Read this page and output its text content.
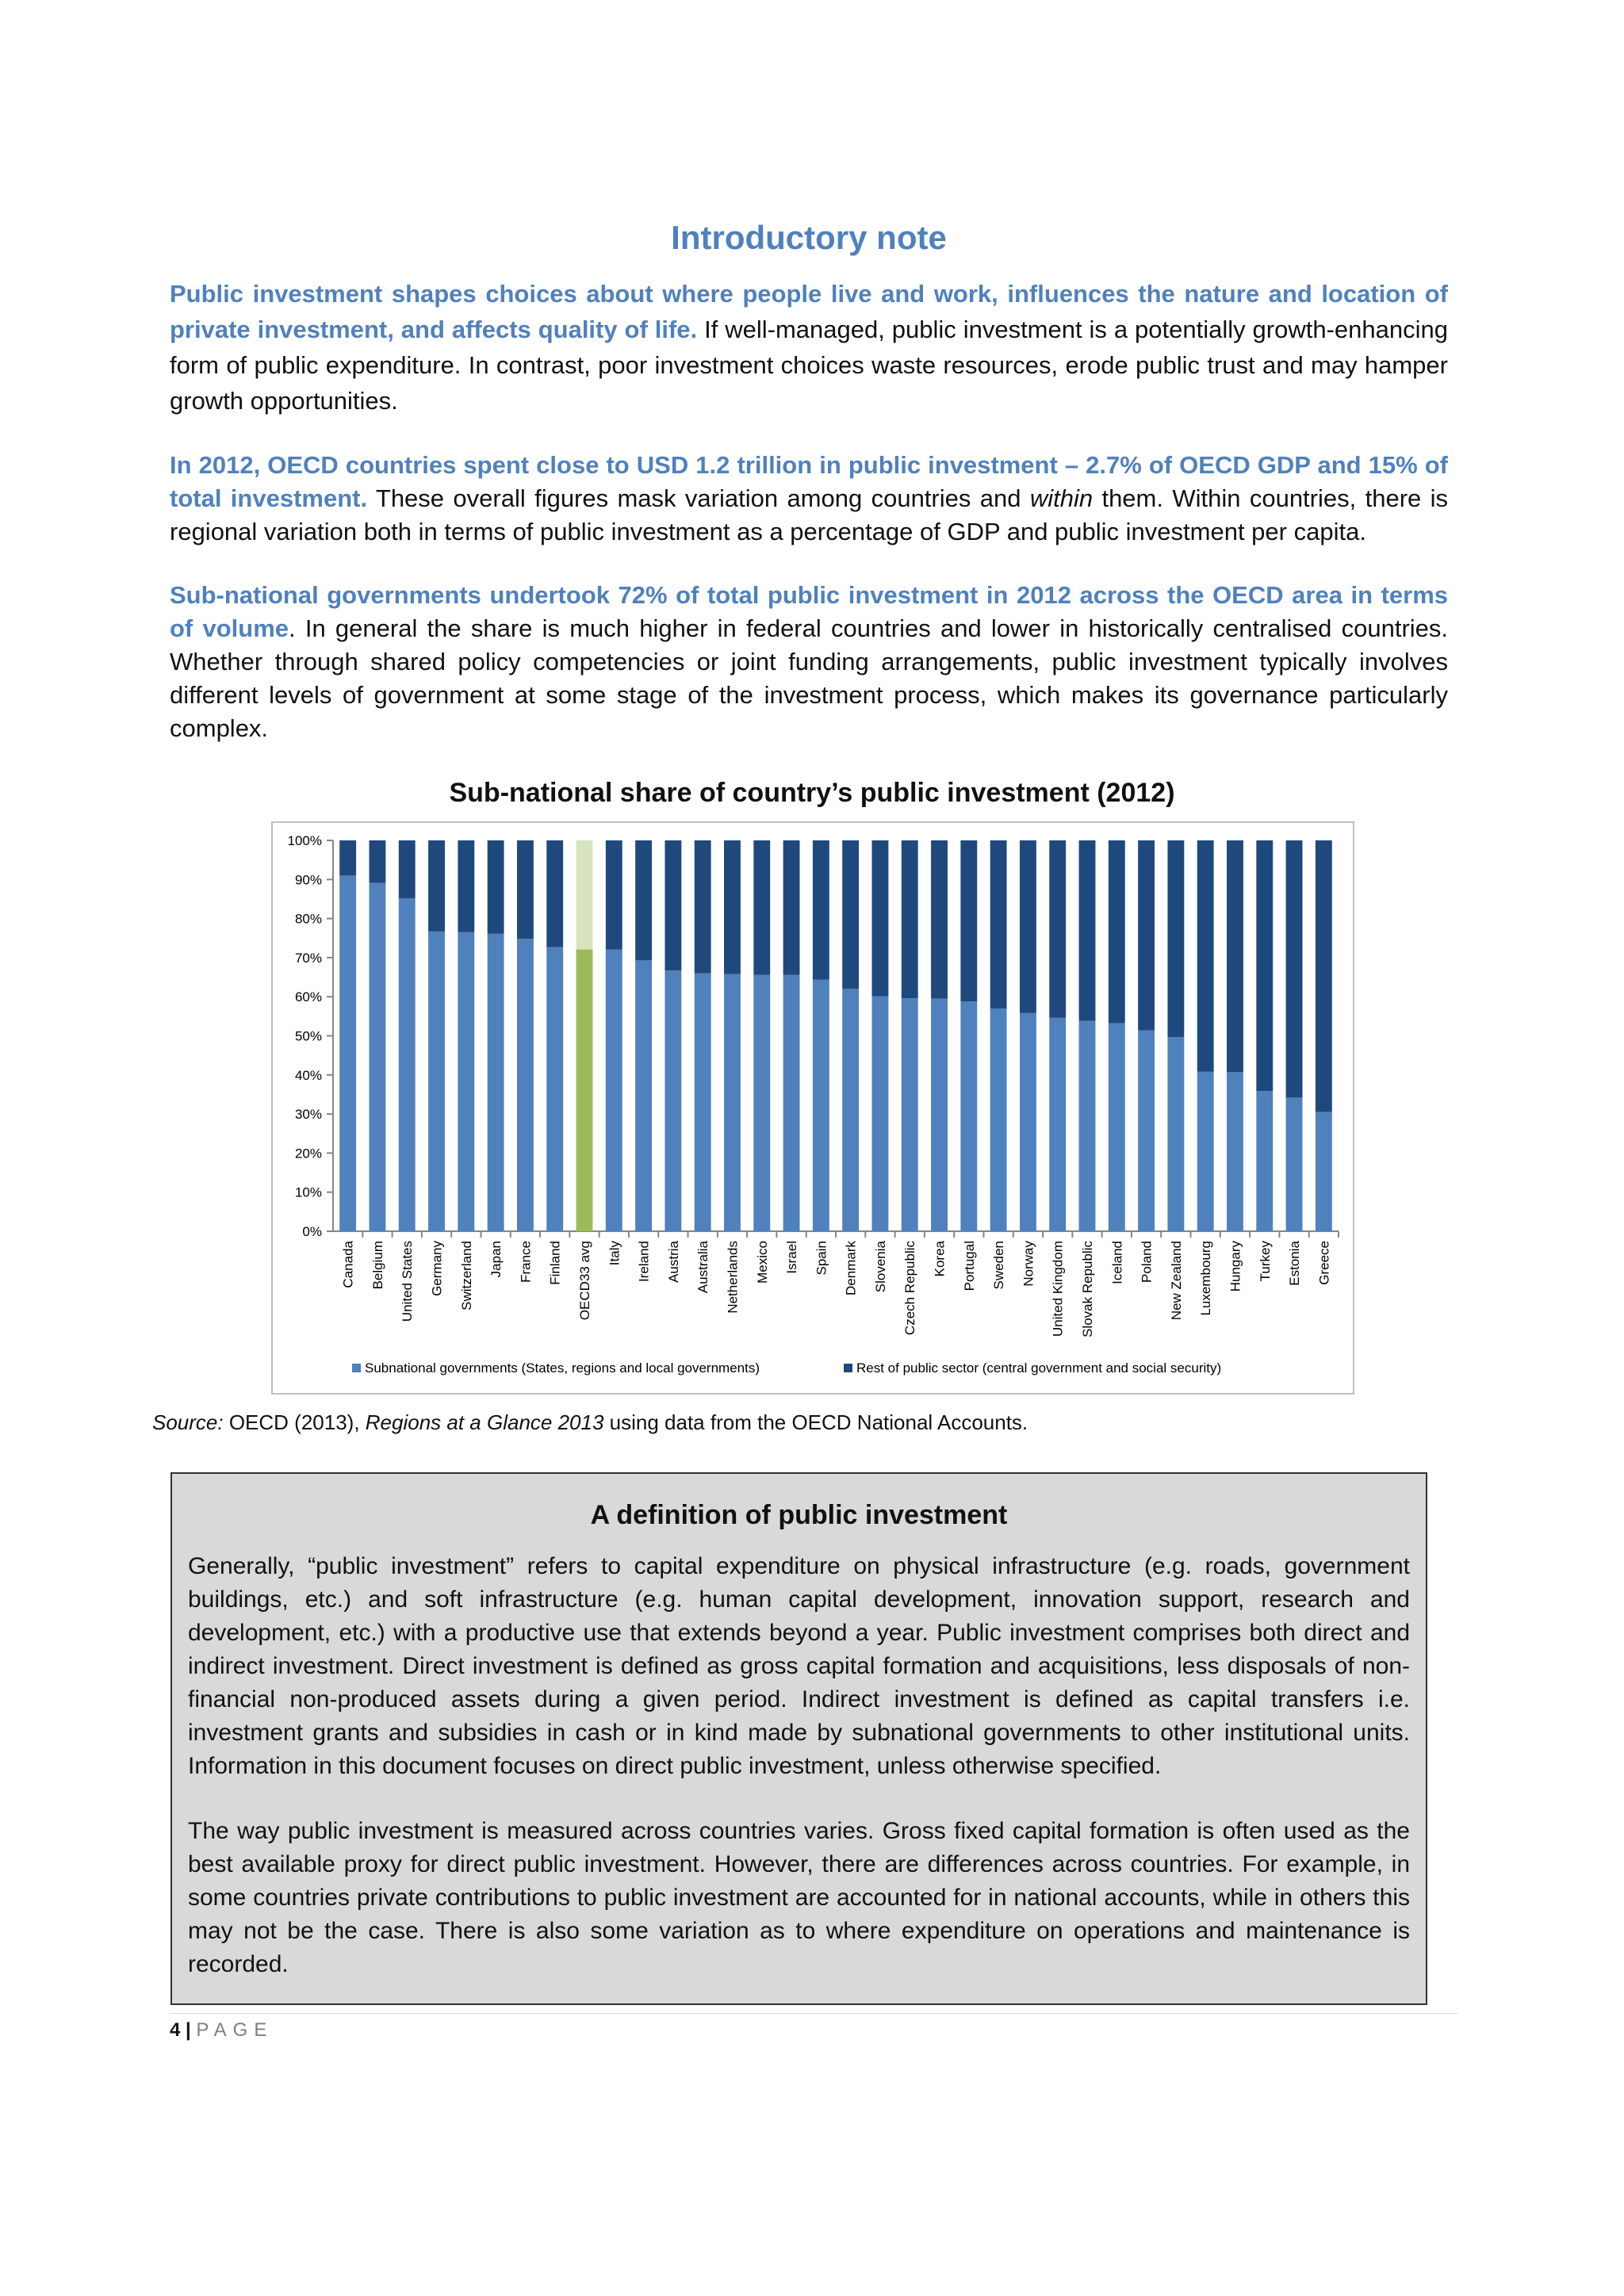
Introductory note
Public investment shapes choices about where people live and work, influences the nature and location of private investment, and affects quality of life. If well-managed, public investment is a potentially growth-enhancing form of public expenditure. In contrast, poor investment choices waste resources, erode public trust and may hamper growth opportunities.
In 2012, OECD countries spent close to USD 1.2 trillion in public investment – 2.7% of OECD GDP and 15% of total investment. These overall figures mask variation among countries and within them. Within countries, there is regional variation both in terms of public investment as a percentage of GDP and public investment per capita.
Sub-national governments undertook 72% of total public investment in 2012 across the OECD area in terms of volume. In general the share is much higher in federal countries and lower in historically centralised countries. Whether through shared policy competencies or joint funding arrangements, public investment typically involves different levels of government at some stage of the investment process, which makes its governance particularly complex.
Sub-national share of country’s public investment (2012)
0%
10%
20%
30%
40%
50%
60%
70%
80%
90%
100%
Canada Belgium United States Germany Switzerland Japan France Finland OECD33 avg Italy Ireland Austria Australia Netherlands Mexico Israel Spain Denmark Slovenia Czech Republic Korea Portugal Sweden Norway United Kingdom Slovak Republic Iceland Poland New Zealand Luxembourg Hungary Turkey Estonia Greece
Subnational governments (States, regions and local governments)	Rest of public sector (central government and social security)
Source: OECD (2013), Regions at a Glance 2013 using data from the OECD National Accounts.
A definition of public investment
Generally, “public investment” refers to capital expenditure on physical infrastructure (e.g. roads, government buildings, etc.) and soft infrastructure (e.g. human capital development, innovation support, research and development, etc.) with a productive use that extends beyond a year. Public investment comprises both direct and indirect investment. Direct investment is defined as gross capital formation and acquisitions, less disposals of non-financial non-produced assets during a given period. Indirect investment is defined as capital transfers i.e. investment grants and subsidies in cash or in kind made by subnational governments to other institutional units. Information in this document focuses on direct public investment, unless otherwise specified.
The way public investment is measured across countries varies. Gross fixed capital formation is often used as the best available proxy for direct public investment. However, there are differences across countries. For example, in some countries private contributions to public investment are accounted for in national accounts, while in others this may not be the case. There is also some variation as to where expenditure on operations and maintenance is recorded.
4 | PAGE
